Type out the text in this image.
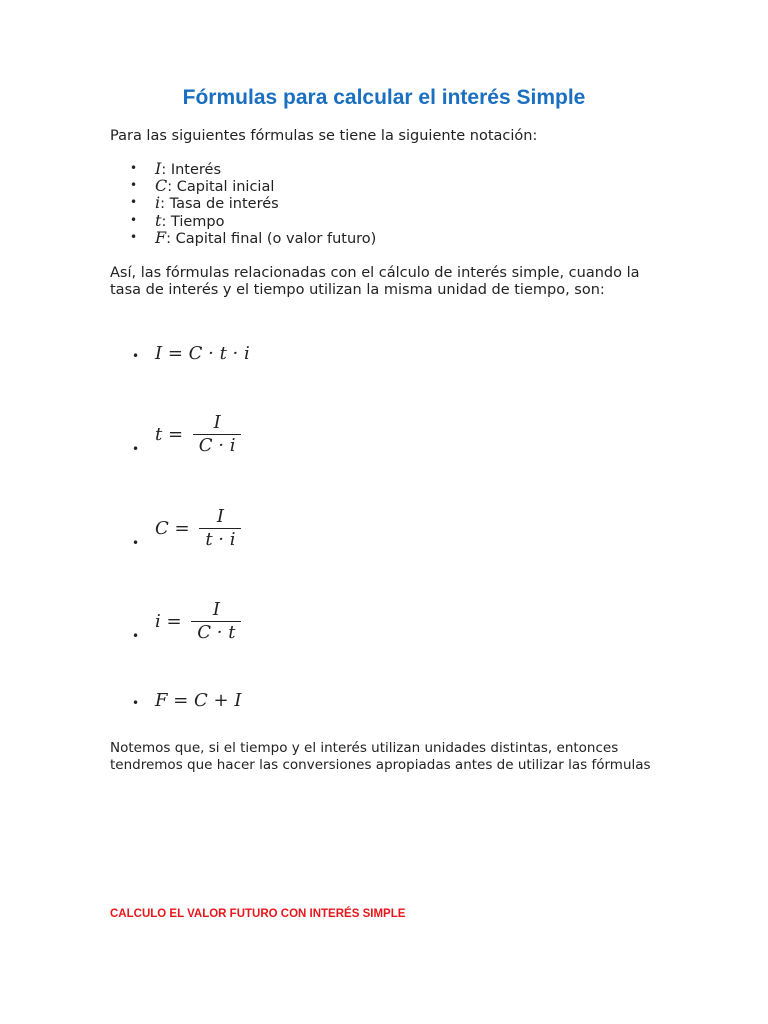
Fórmulas para calcular el interés Simple

Para las siguientes fórmulas se tiene la siguiente notación:

• I: Interés
• C: Capital inicial
• i: Tasa de interés
• t: Tiempo
• F: Capital final (o valor futuro)

Así, las fórmulas relacionadas con el cálculo de interés simple, cuando la tasa de interés y el tiempo utilizan la misma unidad de tiempo, son:

• I = C · t · i
•
$t = \frac{I}{C \cdot i}$
•
$C = \frac{I}{t \cdot i}$
•
$i = \frac{I}{C \cdot t}$
• F = C + I

Notemos que, si el tiempo y el interés utilizan unidades distintas, entonces tendremos que hacer las conversiones apropiadas antes de utilizar las fórmulas

CALCULO EL VALOR FUTURO CON INTERÉS SIMPLE
